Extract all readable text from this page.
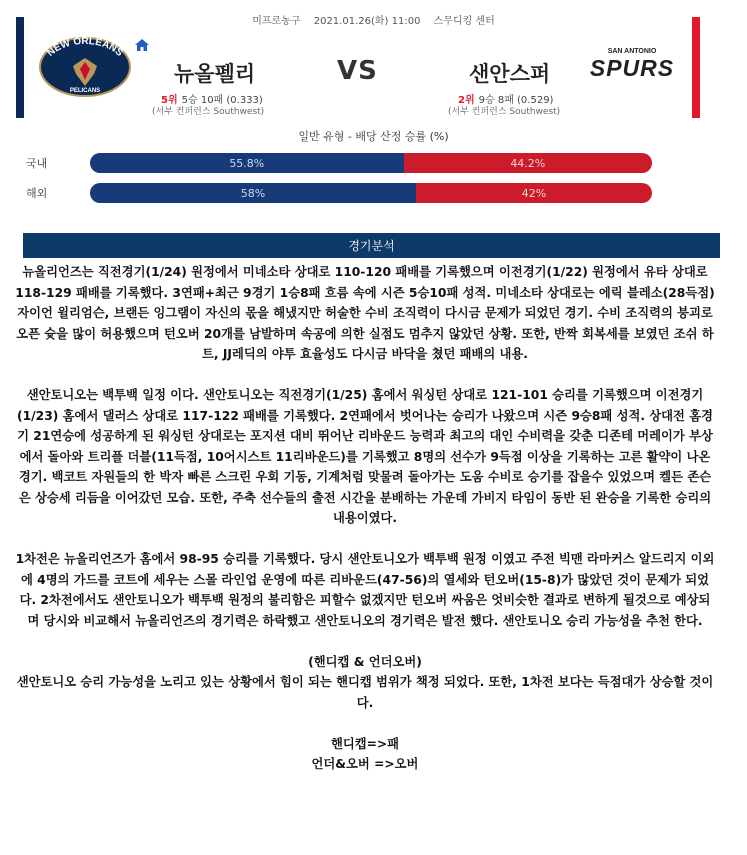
미프로농구 2021.01.26(화) 11:00 스무디킹 센터
NEW ORLEANS
PELICANS
뉴올펠리	VS	샌안스퍼
SAN ANTONIO
SPURS
5위 5승 10패 (0.333)
(서부 컨퍼런스 Southwest)
2위 9승 8패 (0.529)
(서부 컨퍼런스 Southwest)
일반 유형 - 배당 산정 승률 (%)
국내	55.8%	44.2%
해외	58%	42%
경기분석

뉴올리언즈는 직전경기(1/24) 원정에서 미네소타 상대로 110-120 패배를 기록했으며 이전경기(1/22) 원정에서 유타 상대로 118-129 패배를 기록했다. 3연패+최근 9경기 1승8패 흐름 속에 시즌 5승10패 성적. 미네소타 상대로는 에릭 블레소(28득점) 자이언 윌리엄슨, 브랜든 잉그램이 자신의 몫을 해냈지만 허술한 수비 조직력이 다시금 문제가 되었던 경기. 수비 조직력의 붕괴로 오픈 슛을 많이 허용했으며 턴오버 20개를 남발하며 속공에 의한 실점도 멈추지 않았던 상황. 또한, 반짝 회복세를 보였던 조쉬 하트, JJ레딕의 야투 효율성도 다시금 바닥을 쳤던 패배의 내용.

샌안토니오는 백투백 일정 이다. 샌안토니오는 직전경기(1/25) 홈에서 워싱턴 상대로 121-101 승리를 기록했으며 이전경기(1/23) 홈에서 댈러스 상대로 117-122 패배를 기록했다. 2연패에서 벗어나는 승리가 나왔으며 시즌 9승8패 성적. 상대전 홈경기 21연승에 성공하게 된 워싱턴 상대로는 포지션 대비 뛰어난 리바운드 능력과 최고의 대인 수비력을 갖춘 디존테 머레이가 부상에서 돌아와 트리플 더블(11득점, 10어시스트 11리바운드)를 기록했고 8명의 선수가 9득점 이상을 기록하는 고른 활약이 나온 경기. 백코트 자원들의 한 박자 빠른 스크린 우회 기동, 기계처럼 맞물려 돌아가는 도움 수비로 승기를 잡을수 있었으며 켈든 존슨은 상승세 리듬을 이어갔던 모습. 또한, 주축 선수들의 출전 시간을 분배하는 가운데 가비지 타임이 동반 된 완승을 기록한 승리의 내용이였다.

1차전은 뉴올리언즈가 홈에서 98-95 승리를 기록했다. 당시 샌안토니오가 백투백 원정 이였고 주전 빅맨 라마커스 알드리지 이외에 4명의 가드를 코트에 세우는 스몰 라인업 운영에 따른 리바운드(47-56)의 열세와 턴오버(15-8)가 많았던 것이 문제가 되었다. 2차전에서도 샌안토니오가 백투백 원정의 불리함은 피할수 없겠지만 턴오버 싸움은 엇비슷한 결과로 변하게 될것으로 예상되며 당시와 비교해서 뉴올리언즈의 경기력은 하락했고 샌안토니오의 경기력은 발전 했다. 샌안토니오 승리 가능성을 추천 한다.

(핸디캡 & 언더오버)

샌안토니오 승리 가능성을 노리고 있는 상황에서 힘이 되는 핸디캡 범위가 책정 되었다. 또한, 1차전 보다는 득점대가 상승할 것이다.

핸디캡=>패

언더&오버 =>오버
